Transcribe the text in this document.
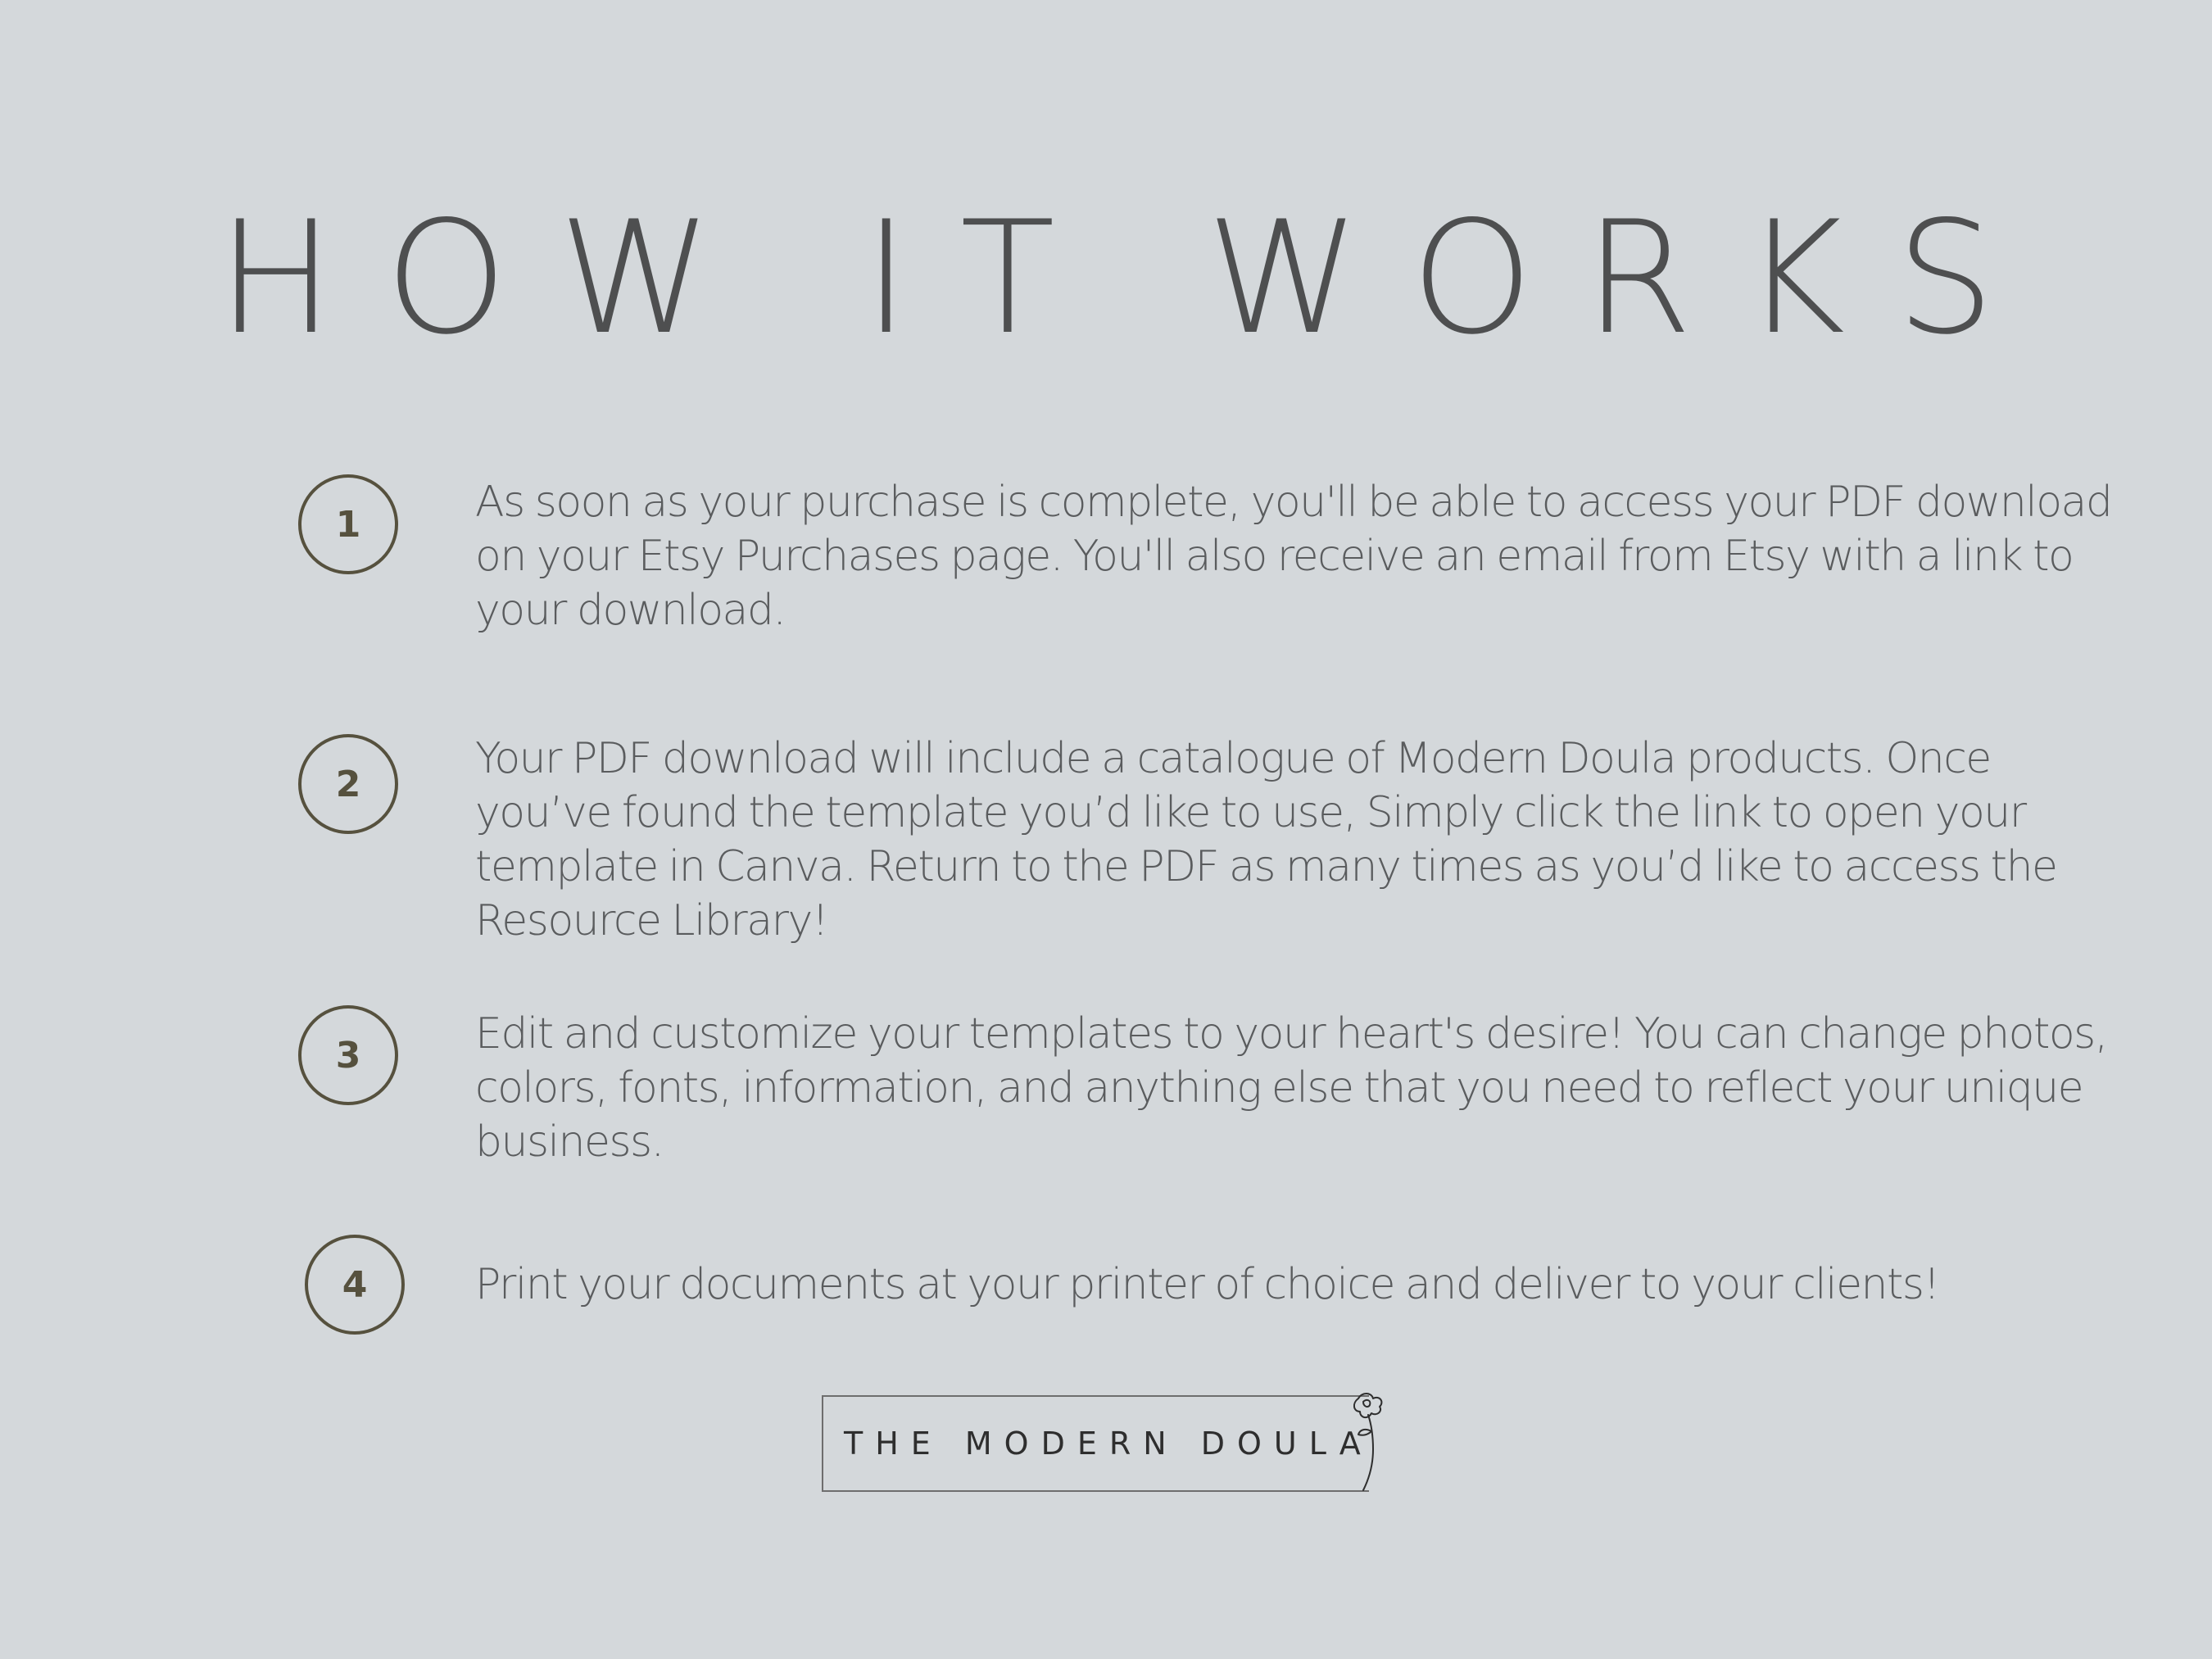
HOW IT WORKS
1	As soon as your purchase is complete, you'll be able to access your PDF download on your Etsy Purchases page. You'll also receive an email from Etsy with a link to your download.
2
Your PDF download will include a catalogue of Modern Doula products. Once you’ve found the template you’d like to use, Simply click the link to open your template in Canva. Return to the PDF as many times as you’d like to access the Resource Library!
3	Edit and customize your templates to your heart's desire! You can change photos, colors, fonts, information, and anything else that you need to reflect your unique business.
4	Print your documents at your printer of choice and deliver to your clients!
THE MODERN DOULA
